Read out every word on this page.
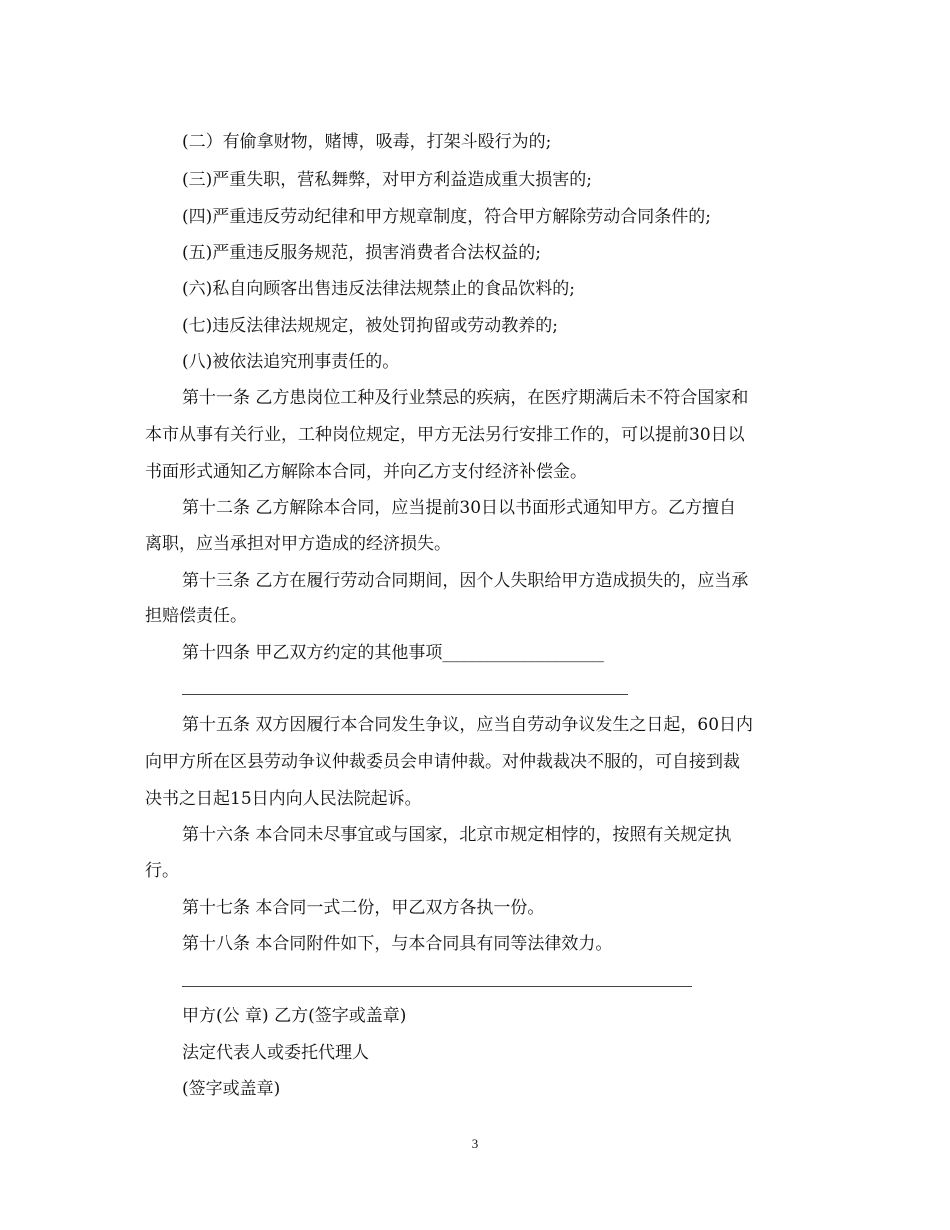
(二）有偷拿财物，赌博，吸毒，打架斗殴行为的;
(三)严重失职，营私舞弊，对甲方利益造成重大损害的;
(四)严重违反劳动纪律和甲方规章制度，符合甲方解除劳动合同条件的;
(五)严重违反服务规范，损害消费者合法权益的;
(六)私自向顾客出售违反法律法规禁止的食品饮料的;
(七)违反法律法规规定，被处罚拘留或劳动教养的;
(八)被依法追究刑事责任的。
第十一条 乙方患岗位工种及行业禁忌的疾病，在医疗期满后未不符合国家和
本市从事有关行业，工种岗位规定，甲方无法另行安排工作的，可以提前30日以
书面形式通知乙方解除本合同，并向乙方支付经济补偿金。
第十二条 乙方解除本合同，应当提前30日以书面形式通知甲方。乙方擅自
离职，应当承担对甲方造成的经济损失。
第十三条 乙方在履行劳动合同期间，因个人失职给甲方造成损失的，应当承
担赔偿责任。
第十四条 甲乙双方约定的其他事项___________________
第十五条 双方因履行本合同发生争议，应当自劳动争议发生之日起，60日内
向甲方所在区县劳动争议仲裁委员会申请仲裁。对仲裁裁决不服的，可自接到裁
决书之日起15日内向人民法院起诉。
第十六条 本合同未尽事宜或与国家，北京市规定相悖的，按照有关规定执
行。
第十七条 本合同一式二份，甲乙双方各执一份。
第十八条 本合同附件如下，与本合同具有同等法律效力。
甲方(公 章) 乙方(签字或盖章)
法定代表人或委托代理人
(签字或盖章)
3
